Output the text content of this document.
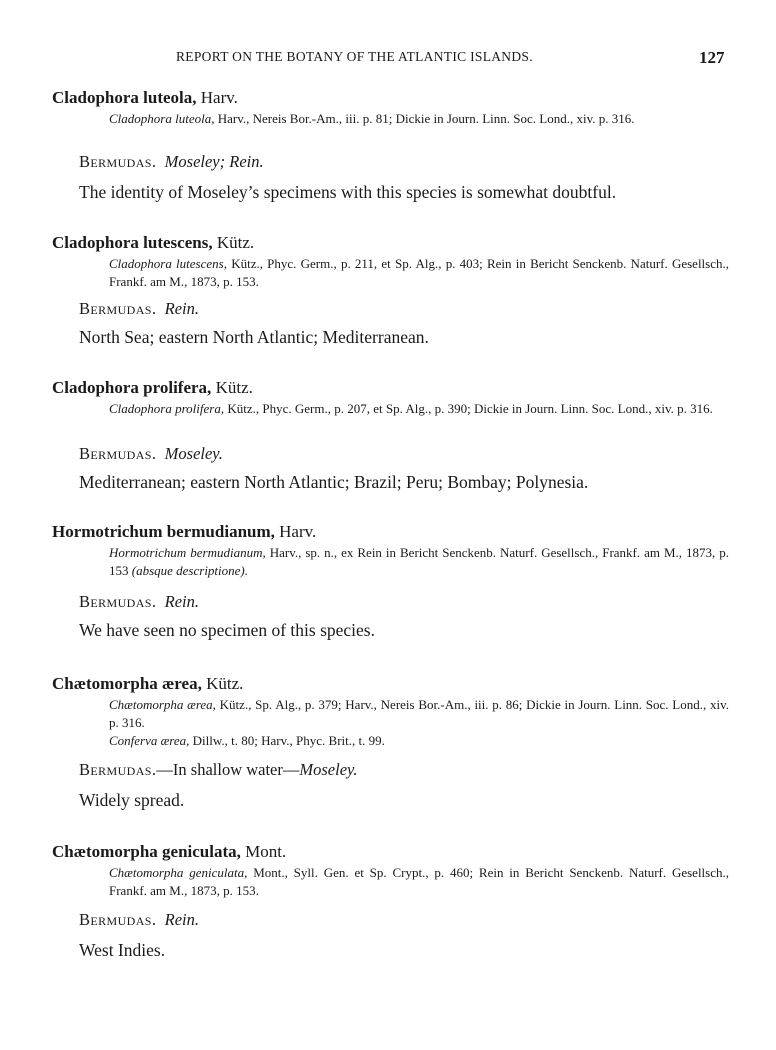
REPORT ON THE BOTANY OF THE ATLANTIC ISLANDS.	127
Cladophora luteola, Harv.
Cladophora luteola, Harv., Nereis Bor.-Am., iii. p. 81; Dickie in Journ. Linn. Soc. Lond., xiv. p. 316.
Bermudas. Moseley; Rein.
The identity of Moseley’s specimens with this species is somewhat doubtful.
Cladophora lutescens, Kütz.
Cladophora lutescens, Kütz., Phyc. Germ., p. 211, et Sp. Alg., p. 403; Rein in Bericht Senckenb. Naturf. Gesellsch., Frankf. am M., 1873, p. 153.
Bermudas. Rein.
North Sea; eastern North Atlantic; Mediterranean.
Cladophora prolifera, Kütz.
Cladophora prolifera, Kütz., Phyc. Germ., p. 207, et Sp. Alg., p. 390; Dickie in Journ. Linn. Soc. Lond., xiv. p. 316.
Bermudas. Moseley.
Mediterranean; eastern North Atlantic; Brazil; Peru; Bombay; Polynesia.
Hormotrichum bermudianum, Harv.
Hormotrichum bermudianum, Harv., sp. n., ex Rein in Bericht Senckenb. Naturf. Gesellsch., Frankf. am M., 1873, p. 153 (absque descriptione).
Bermudas. Rein.
We have seen no specimen of this species.
Chætomorpha ærea, Kütz.
Chætomorpha ærea, Kütz., Sp. Alg., p. 379; Harv., Nereis Bor.-Am., iii. p. 86; Dickie in Journ. Linn. Soc. Lond., xiv. p. 316.
Conferva ærea, Dillw., t. 80; Harv., Phyc. Brit., t. 99.
Bermudas.—In shallow water—Moseley.
Widely spread.
Chætomorpha geniculata, Mont.
Chætomorpha geniculata, Mont., Syll. Gen. et Sp. Crypt., p. 460; Rein in Bericht Senckenb. Naturf. Gesellsch., Frankf. am M., 1873, p. 153.
Bermudas. Rein.
West Indies.
